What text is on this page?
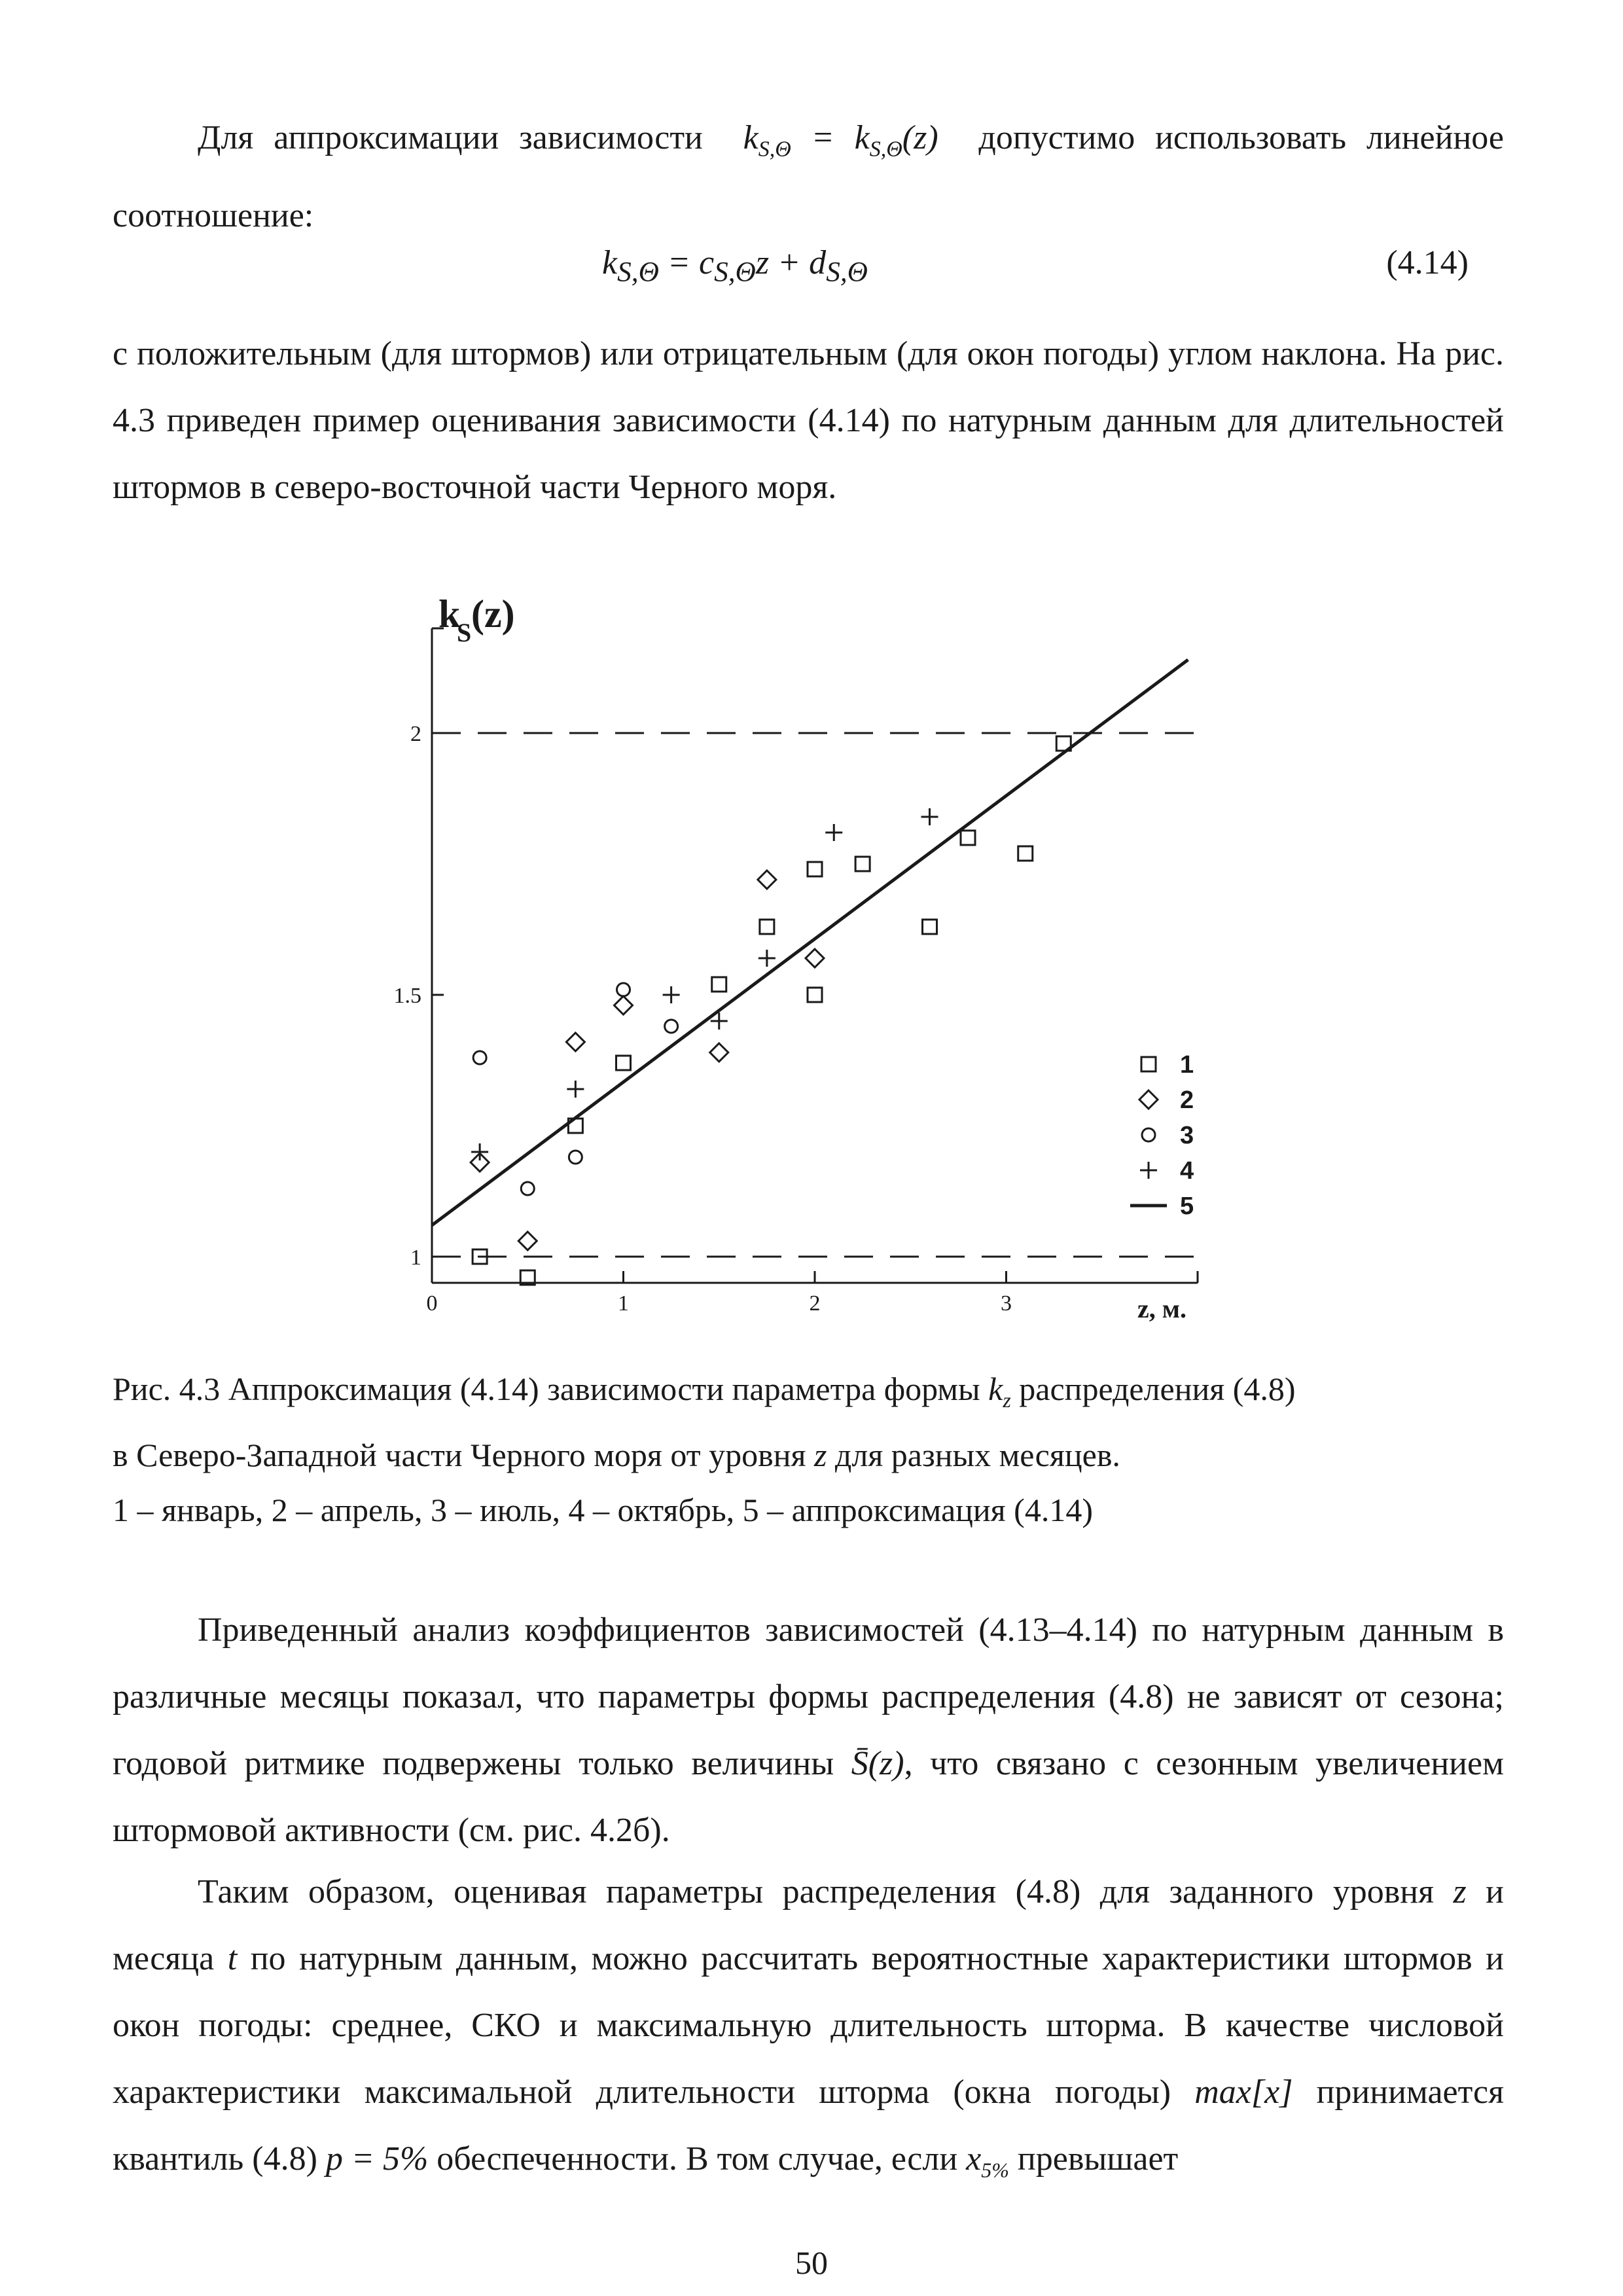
Для аппроксимации зависимости $k_{S,\Theta} = k_{S,\Theta}(z)$ допустимо использовать линейное соотношение:

$k_{S,\Theta} = c_{S,\Theta}z + d_{S,\Theta}$	(4.14)

с положительным (для штормов) или отрицательным (для окон погоды) углом наклона. На рис. 4.3 приведен пример оценивания зависимости (4.14) по натурным данным для длительностей штормов в северо-восточной части Черного моря.

k
S (z)
1
1.5
2
0	1	2	3
1
2
3
4
5
z, м.

Рис. 4.3 Аппроксимация (4.14) зависимости параметра формы $k_z$ распределения (4.8)

в Северо-Западной части Черного моря от уровня z для разных месяцев.

1 – январь, 2 – апрель, 3 – июль, 4 – октябрь, 5 – аппроксимация (4.14)

Приведенный анализ коэффициентов зависимостей (4.13–4.14) по натурным данным в различные месяцы показал, что параметры формы распределения (4.8) не зависят от сезона; годовой ритмике подвержены только величины S̄(z), что связано с сезонным увеличением штормовой активности (см. рис. 4.2б).

Таким образом, оценивая параметры распределения (4.8) для заданного уровня z и месяца t по натурным данным, можно рассчитать вероятностные характеристики штормов и окон погоды: среднее, СКО и максимальную длительность шторма. В качестве числовой характеристики максимальной длительности шторма (окна погоды) max[x] принимается квантиль (4.8) p = 5% обеспеченности. В том случае, если $x_{5\%}$ превышает

50
